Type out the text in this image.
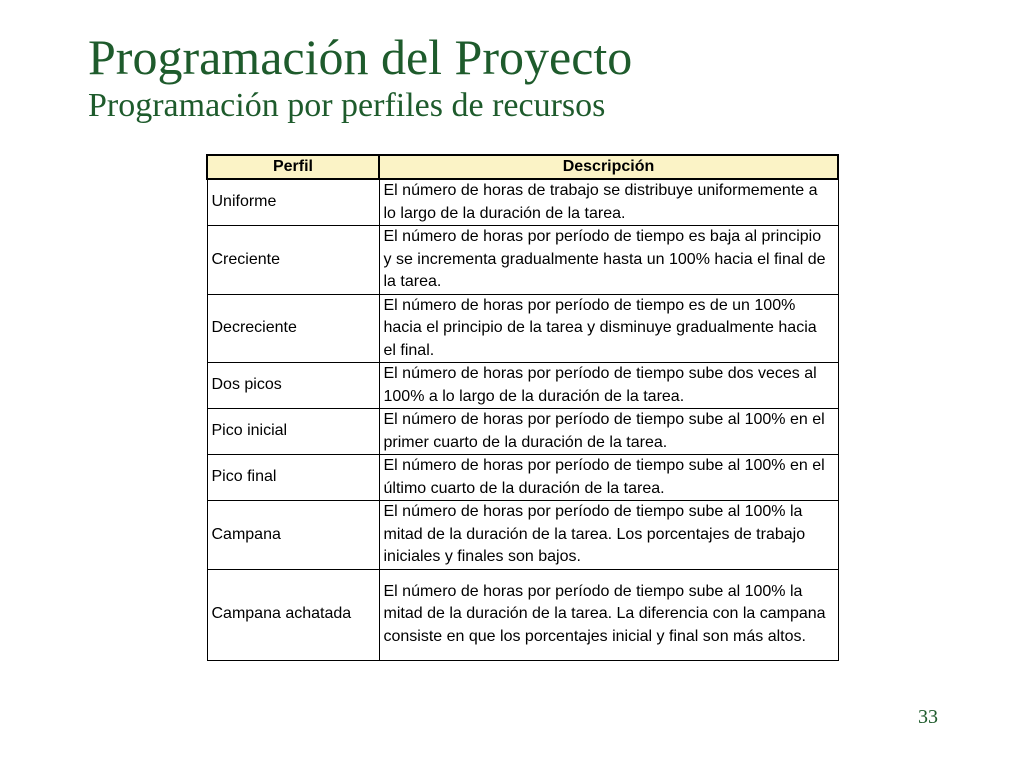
Programación del Proyecto
Programación por perfiles de recursos
Perfil	Descripción
Uniforme	El número de horas de trabajo se distribuye uniformemente a lo largo de la duración de la tarea.
Creciente	El número de horas por período de tiempo es baja al principio y se incrementa gradualmente hasta un 100% hacia el final de la tarea.
Decreciente	El número de horas por período de tiempo es de un 100% hacia el principio de la tarea y disminuye gradualmente hacia el final.
Dos picos	El número de horas por período de tiempo sube dos veces al 100% a lo largo de la duración de la tarea.
Pico inicial	El número de horas por período de tiempo sube al 100% en el primer cuarto de la duración de la tarea.
Pico final	El número de horas por período de tiempo sube al 100% en el último cuarto de la duración de la tarea.
Campana	El número de horas por período de tiempo sube al 100% la mitad de la duración de la tarea. Los porcentajes de trabajo iniciales y finales son bajos.
Campana achatada	El número de horas por período de tiempo sube al 100% la mitad de la duración de la tarea. La diferencia con la campana consiste en que los porcentajes inicial y final son más altos.
33
